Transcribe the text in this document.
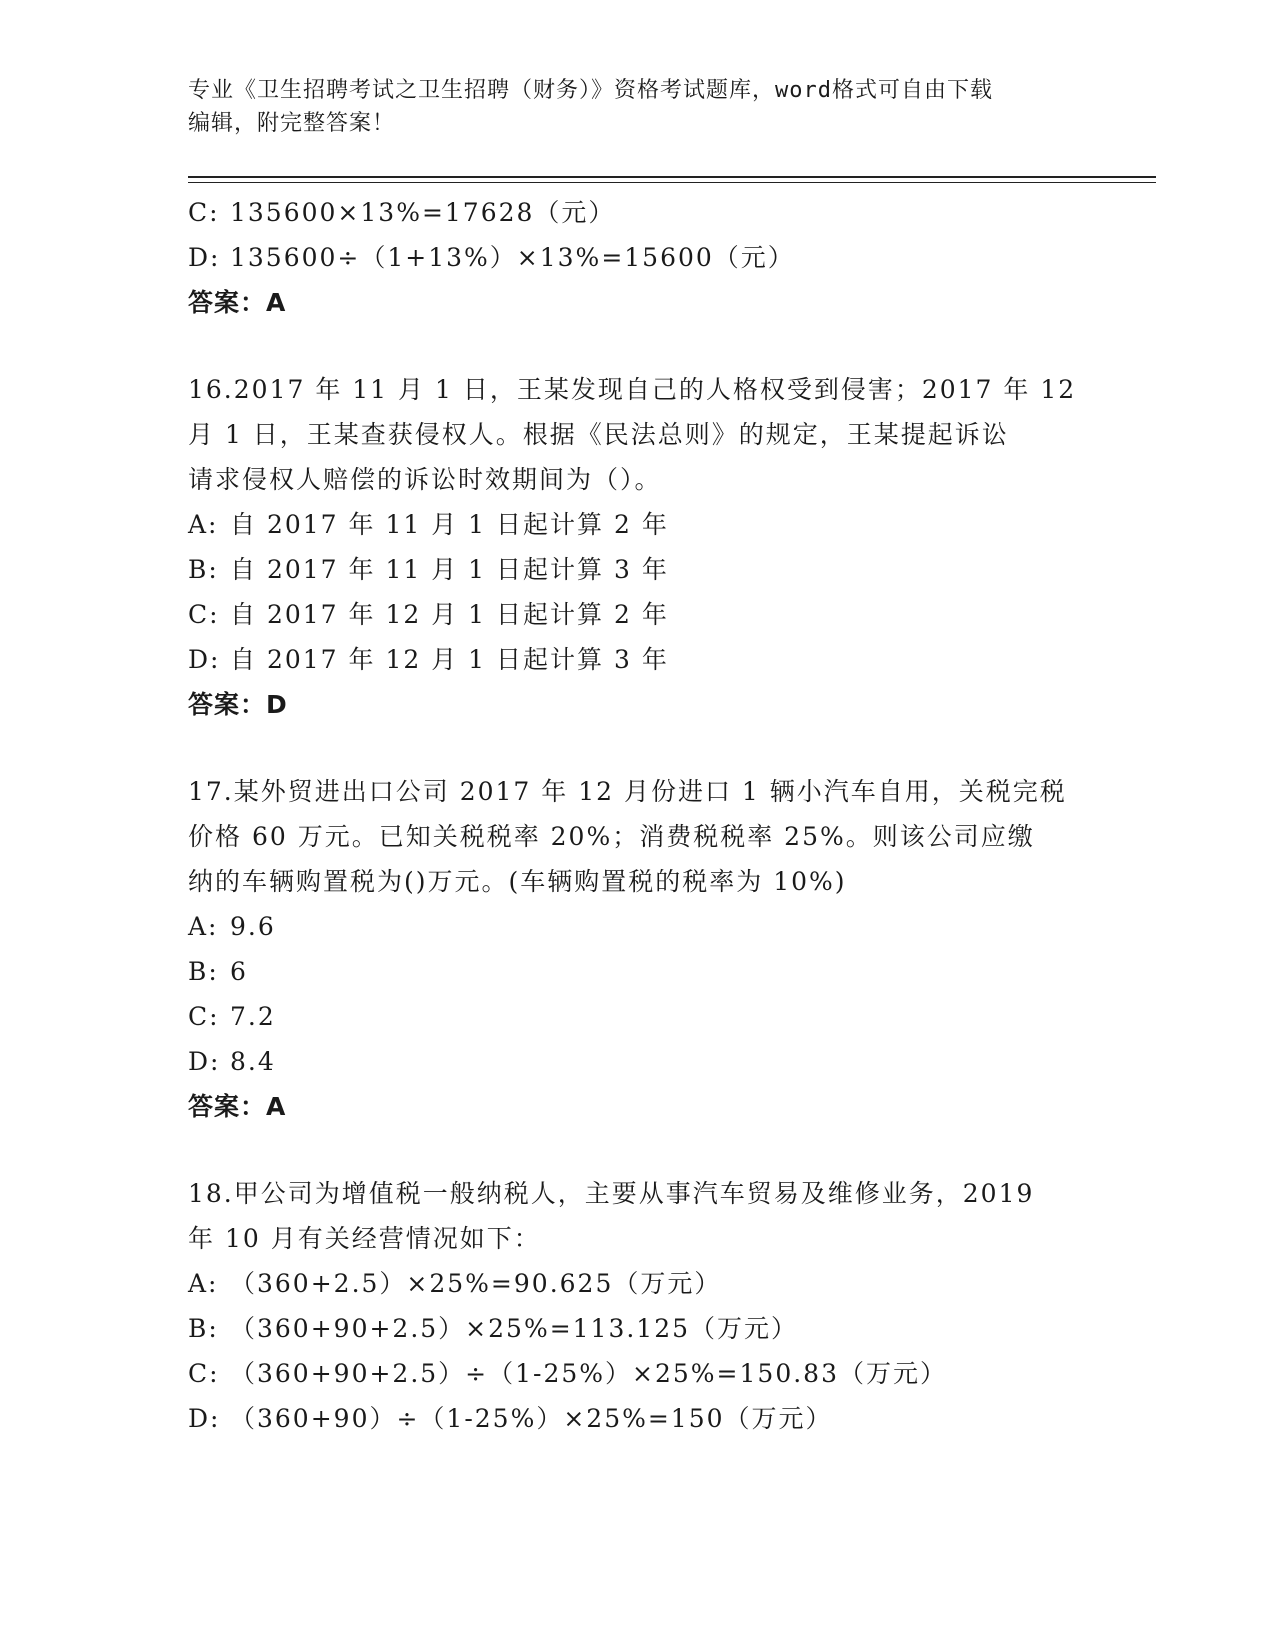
专业《卫生招聘考试之卫生招聘（财务）》资格考试题库，word格式可自由下载
编辑，附完整答案！
C: 135600×13%=17628（元）
D: 135600÷（1+13%）×13%=15600（元）
答案：A
16.2017 年 11 月 1 日，王某发现自己的人格权受到侵害；2017 年 12
月 1 日，王某查获侵权人。根据《民法总则》的规定，王某提起诉讼
请求侵权人赔偿的诉讼时效期间为（）。
A: 自 2017 年 11 月 1 日起计算 2 年
B: 自 2017 年 11 月 1 日起计算 3 年
C: 自 2017 年 12 月 1 日起计算 2 年
D: 自 2017 年 12 月 1 日起计算 3 年
答案：D
17.某外贸进出口公司 2017 年 12 月份进口 1 辆小汽车自用，关税完税
价格 60 万元。已知关税税率 20%；消费税税率 25%。则该公司应缴
纳的车辆购置税为()万元。(车辆购置税的税率为 10%)
A: 9.6
B: 6
C: 7.2
D: 8.4
答案：A
18.甲公司为增值税一般纳税人，主要从事汽车贸易及维修业务，2019
年 10 月有关经营情况如下：
A: （360+2.5）×25%=90.625（万元）
B: （360+90+2.5）×25%=113.125（万元）
C: （360+90+2.5）÷（1-25%）×25%=150.83（万元）
D: （360+90）÷（1-25%）×25%=150（万元）
